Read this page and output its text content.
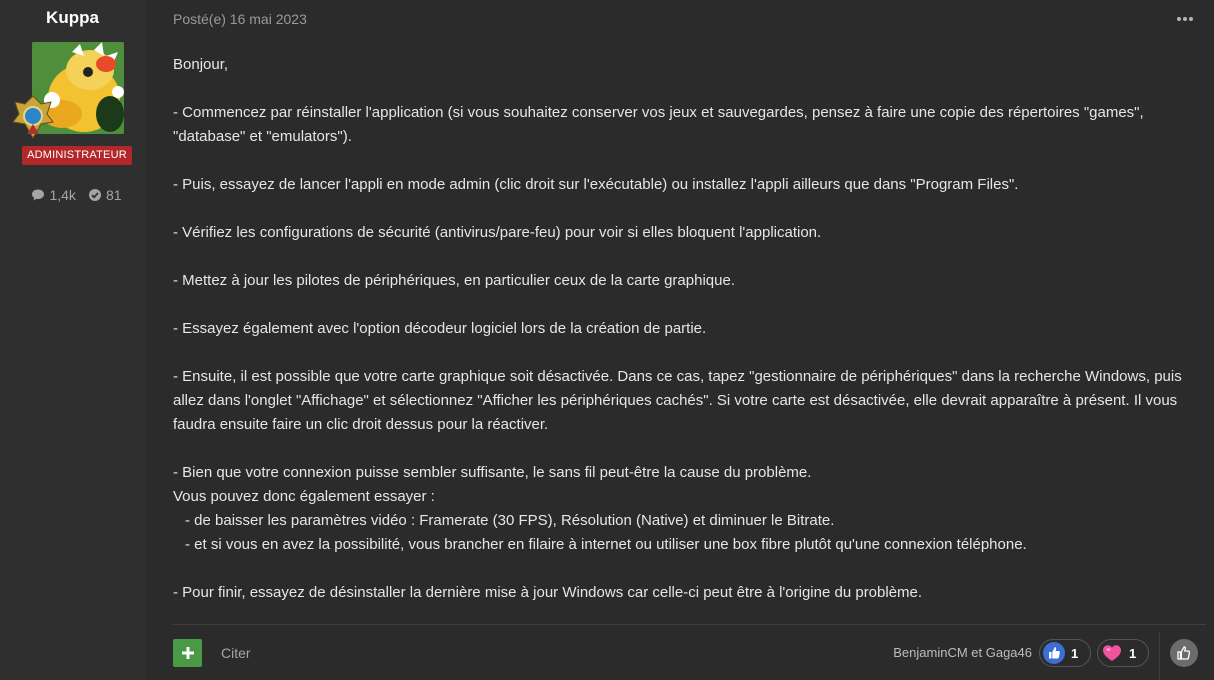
Kuppa
ADMINISTRATEUR
1,4k 81
Posté(e) 16 mai 2023

Bonjour,

- Commencez par réinstaller l'application (si vous souhaitez conserver vos jeux et sauvegardes, pensez à faire une copie des répertoires "games", "database" et "emulators").

- Puis, essayez de lancer l'appli en mode admin (clic droit sur l'exécutable) ou installez l'appli ailleurs que dans "Program Files".

- Vérifiez les configurations de sécurité (antivirus/pare-feu) pour voir si elles bloquent l'application.

- Mettez à jour les pilotes de périphériques, en particulier ceux de la carte graphique.

- Essayez également avec l'option décodeur logiciel lors de la création de partie.

- Ensuite, il est possible que votre carte graphique soit désactivée. Dans ce cas, tapez "gestionnaire de périphériques" dans la recherche Windows, puis allez dans l'onglet "Affichage" et sélectionnez "Afficher les périphériques cachés". Si votre carte est désactivée, elle devrait apparaître à présent. Il vous faudra ensuite faire un clic droit dessus pour la réactiver.

- Bien que votre connexion puisse sembler suffisante, le sans fil peut-être la cause du problème.

Vous pouvez donc également essayer :

- de baisser les paramètres vidéo : Framerate (30 FPS), Résolution (Native) et diminuer le Bitrate.

- et si vous en avez la possibilité, vous brancher en filaire à internet ou utiliser une box fibre plutôt qu'une connexion téléphone.

- Pour finir, essayez de désinstaller la dernière mise à jour Windows car celle-ci peut être à l'origine du problème.

Citer	BenjaminCM et Gaga46	1	1
